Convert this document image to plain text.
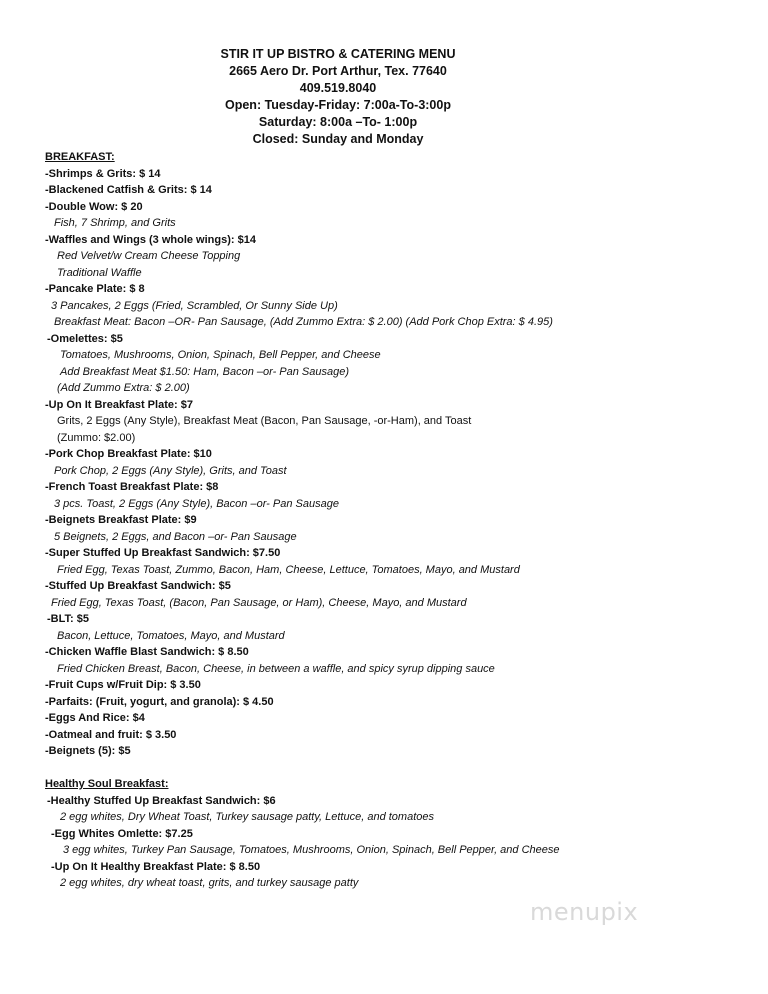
STIR IT UP BISTRO & CATERING MENU
2665 Aero Dr. Port Arthur, Tex. 77640
409.519.8040
Open: Tuesday-Friday: 7:00a-To-3:00p
Saturday: 8:00a –To- 1:00p
Closed: Sunday and Monday
BREAKFAST:
-Shrimps & Grits: $ 14
-Blackened Catfish & Grits: $ 14
-Double Wow: $ 20
Fish, 7 Shrimp, and Grits
-Waffles and Wings (3 whole wings): $14
Red Velvet/w Cream Cheese Topping
Traditional Waffle
-Pancake Plate: $ 8
3 Pancakes, 2 Eggs (Fried, Scrambled, Or Sunny Side Up)
Breakfast Meat: Bacon –OR- Pan Sausage, (Add Zummo Extra: $ 2.00) (Add Pork Chop Extra: $ 4.95)
-Omelettes: $5
Tomatoes, Mushrooms, Onion, Spinach, Bell Pepper, and Cheese
Add Breakfast Meat $1.50: Ham, Bacon –or- Pan Sausage)
(Add Zummo Extra: $ 2.00)
-Up On It Breakfast Plate: $7
Grits, 2 Eggs (Any Style), Breakfast Meat (Bacon, Pan Sausage, -or-Ham), and Toast
(Zummo: $2.00)
-Pork Chop Breakfast Plate: $10
Pork Chop, 2 Eggs (Any Style), Grits, and Toast
-French Toast Breakfast Plate: $8
3 pcs. Toast, 2 Eggs (Any Style), Bacon –or- Pan Sausage
-Beignets Breakfast Plate: $9
5 Beignets, 2 Eggs, and Bacon –or- Pan Sausage
-Super Stuffed Up Breakfast Sandwich: $7.50
Fried Egg, Texas Toast, Zummo, Bacon, Ham, Cheese, Lettuce, Tomatoes, Mayo, and Mustard
-Stuffed Up Breakfast Sandwich: $5
Fried Egg, Texas Toast, (Bacon, Pan Sausage, or Ham), Cheese, Mayo, and Mustard
-BLT: $5
Bacon, Lettuce, Tomatoes, Mayo, and Mustard
-Chicken Waffle Blast Sandwich: $ 8.50
Fried Chicken Breast, Bacon, Cheese, in between a waffle, and spicy syrup dipping sauce
-Fruit Cups w/Fruit Dip: $ 3.50
-Parfaits: (Fruit, yogurt, and granola): $ 4.50
-Eggs And Rice: $4
-Oatmeal and fruit: $ 3.50
-Beignets (5): $5
Healthy Soul Breakfast:
-Healthy Stuffed Up Breakfast Sandwich: $6
2 egg whites, Dry Wheat Toast, Turkey sausage patty, Lettuce, and tomatoes
-Egg Whites Omlette: $7.25
3 egg whites, Turkey Pan Sausage, Tomatoes, Mushrooms, Onion, Spinach, Bell Pepper, and Cheese
-Up On It Healthy Breakfast Plate: $ 8.50
2 egg whites, dry wheat toast, grits, and turkey sausage patty
menupix
